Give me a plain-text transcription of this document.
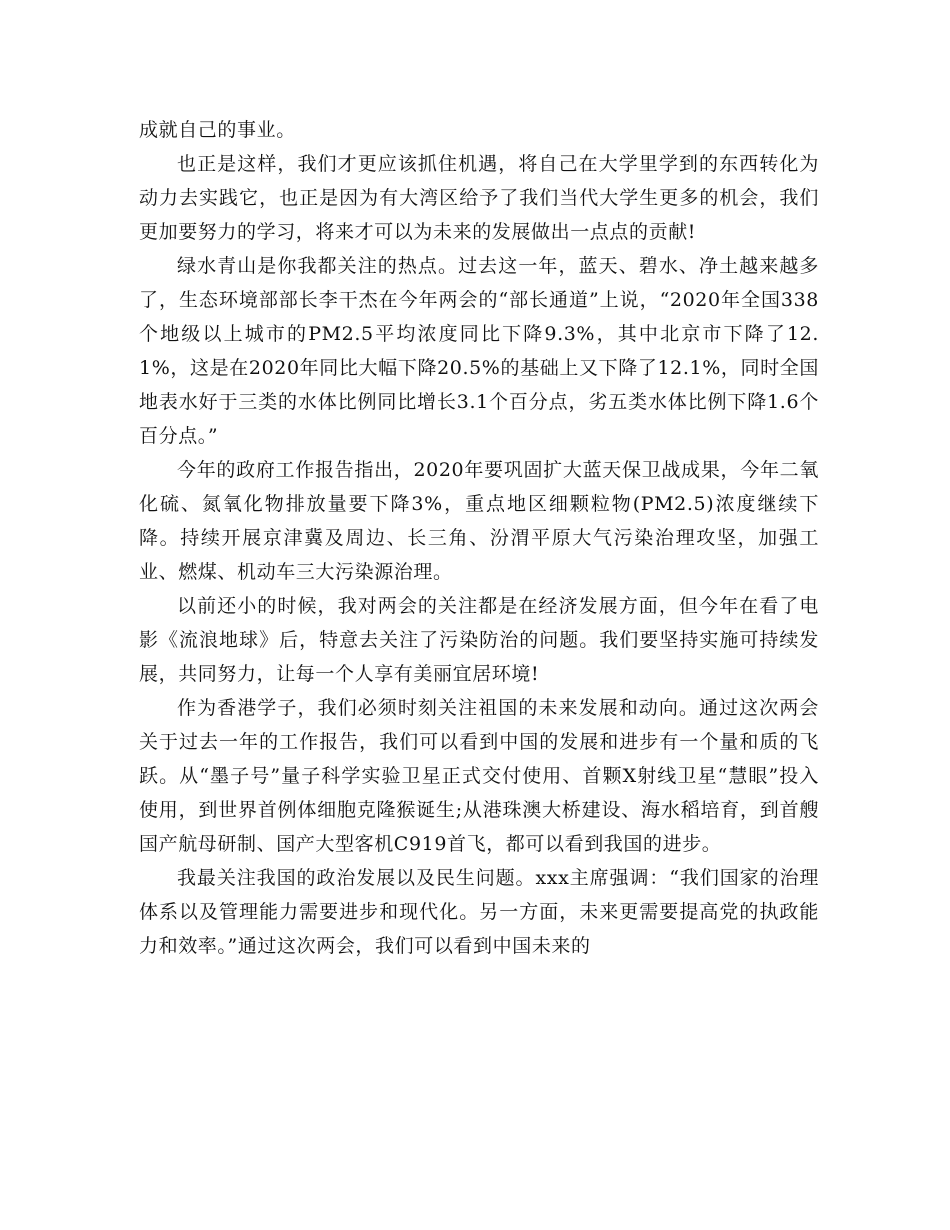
成就自己的事业。

也正是这样，我们才更应该抓住机遇，将自己在大学里学到的东西转化为动力去实践它，也正是因为有大湾区给予了我们当代大学生更多的机会，我们更加要努力的学习，将来才可以为未来的发展做出一点点的贡献!

绿水青山是你我都关注的热点。过去这一年，蓝天、碧水、净土越来越多了，生态环境部部长李干杰在今年两会的“部长通道”上说，“2020年全国338个地级以上城市的PM2.5平均浓度同比下降9.3%，其中北京市下降了12.1%，这是在2020年同比大幅下降20.5%的基础上又下降了12.1%，同时全国地表水好于三类的水体比例同比增长3.1个百分点，劣五类水体比例下降1.6个百分点。”

今年的政府工作报告指出，2020年要巩固扩大蓝天保卫战成果，今年二氧化硫、氮氧化物排放量要下降3%，重点地区细颗粒物(PM2.5)浓度继续下降。持续开展京津冀及周边、长三角、汾渭平原大气污染治理攻坚，加强工业、燃煤、机动车三大污染源治理。

以前还小的时候，我对两会的关注都是在经济发展方面，但今年在看了电影《流浪地球》后，特意去关注了污染防治的问题。我们要坚持实施可持续发展，共同努力，让每一个人享有美丽宜居环境!

作为香港学子，我们必须时刻关注祖国的未来发展和动向。通过这次两会关于过去一年的工作报告，我们可以看到中国的发展和进步有一个量和质的飞跃。从“墨子号”量子科学实验卫星正式交付使用、首颗X射线卫星“慧眼”投入使用，到世界首例体细胞克隆猴诞生;从港珠澳大桥建设、海水稻培育，到首艘国产航母研制、国产大型客机C919首飞，都可以看到我国的进步。

我最关注我国的政治发展以及民生问题。xxx主席强调：“我们国家的治理体系以及管理能力需要进步和现代化。另一方面，未来更需要提高党的执政能力和效率。”通过这次两会，我们可以看到中国未来的
